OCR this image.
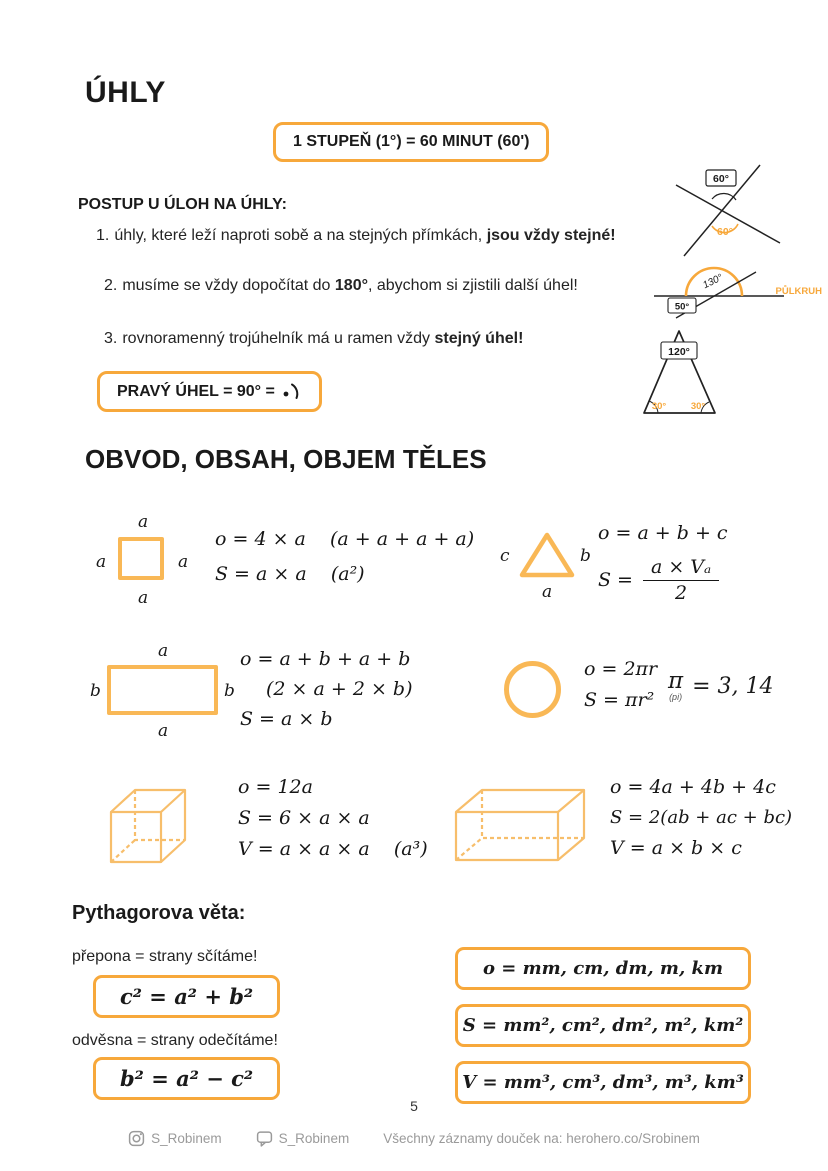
ÚHLY
1 STUPEŇ (1°) = 60 MINUT (60')
POSTUP U ÚLOH NA ÚHLY:
1. úhly, které leží naproti sobě a na stejných přímkách, jsou vždy stejné!
2. musíme se vždy dopočítat do 180°, abychom si zjistili další úhel!
3. rovnoramenný trojúhelník má u ramen vždy stejný úhel!
PRAVÝ ÚHEL = 90° =
60°
60°
130°
50°
PŮLKRUH
120°
30°	30°
OBVOD, OBSAH, OBJEM TĚLES
a
a	a
a
o = 4 × a    (a + a + a + a)
S = a × a    (a²)
c	b
a
o = a + b + c
$S = \frac{\text{a × Vₐ}}{2}$
a
b	b
a
o = a + b + a + b
(2 × a + 2 × b)
S = a × b
o = 2πr
S = πr²
π
(pi) = 3, 14
o = 12a
S = 6 × a × a
V = a × a × a    (a³)
o = 4a + 4b + 4c
S = 2(ab + ac + bc)
V = a × b × c
Pythagorova věta:
přepona = strany sčítáme!
c² = a² + b²
odvěsna = strany odečítáme!
b² = a² − c²
o = mm, cm, dm, m, km
S = mm², cm², dm², m², km²
V = mm³, cm³, dm³, m³, km³
5
S_Robinem	S_Robinem	Všechny záznamy douček na: herohero.co/Srobinem
